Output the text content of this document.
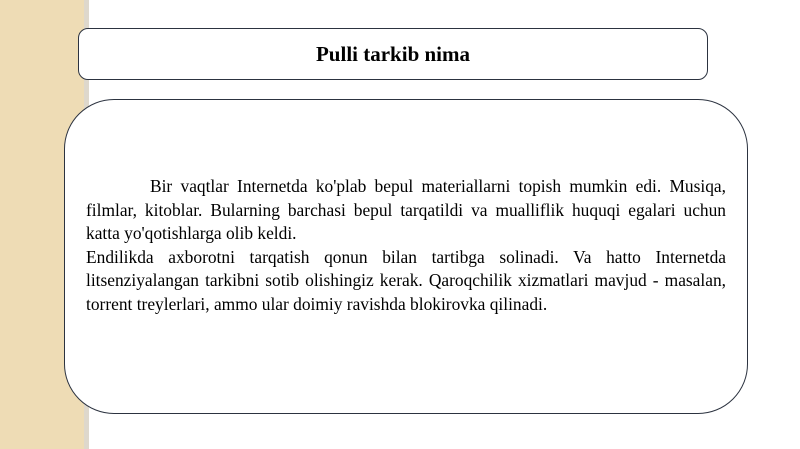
Pulli tarkib nima

Bir vaqtlar Internetda ko'plab bepul materiallarni topish mumkin edi. Musiqa, filmlar, kitoblar. Bularning barchasi bepul tarqatildi va mualliflik huquqi egalari uchun katta yo'qotishlarga olib keldi.

Endilikda axborotni tarqatish qonun bilan tartibga solinadi. Va hatto Internetda litsenziyalangan tarkibni sotib olishingiz kerak. Qaroqchilik xizmatlari mavjud - masalan, torrent treylerlari, ammo ular doimiy ravishda blokirovka qilinadi.
